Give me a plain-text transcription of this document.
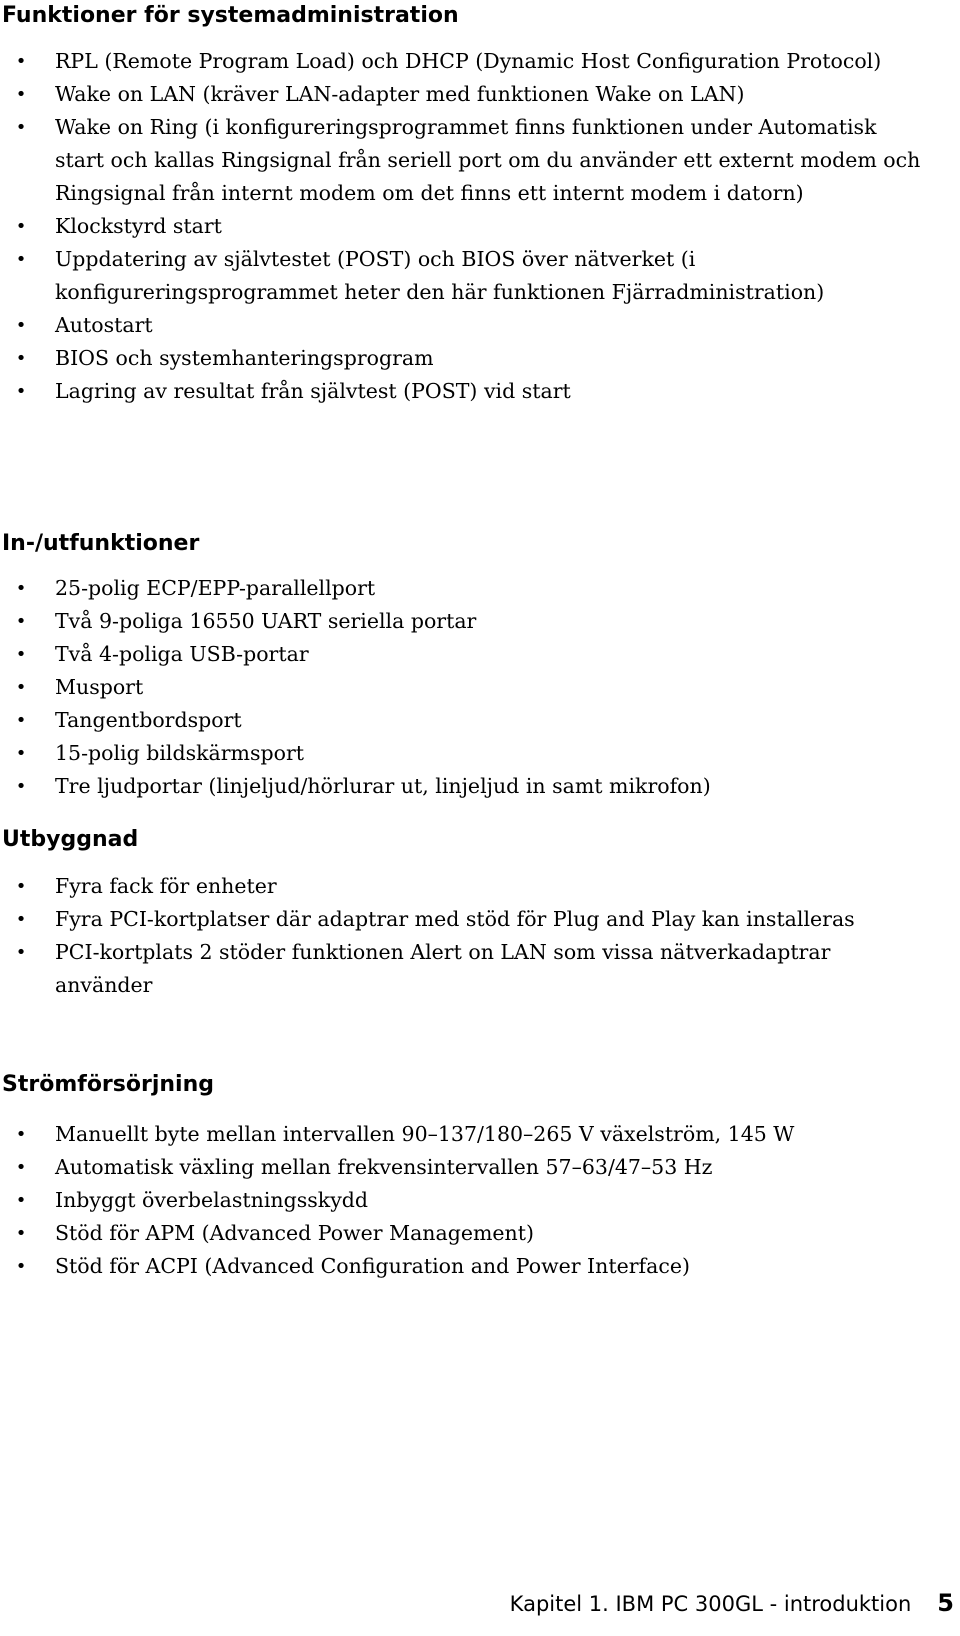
Funktioner för systemadministration
• RPL (Remote Program Load) och DHCP (Dynamic Host Configuration Protocol)
• Wake on LAN (kräver LAN-adapter med funktionen Wake on LAN)
• Wake on Ring (i konfigureringsprogrammet finns funktionen under Automatisk start och kallas Ringsignal från seriell port om du använder ett externt modem och Ringsignal från internt modem om det finns ett internt modem i datorn)
• Klockstyrd start
• Uppdatering av självtestet (POST) och BIOS över nätverket (i konfigureringsprogrammet heter den här funktionen Fjärradministration)
• Autostart
• BIOS och systemhanteringsprogram
• Lagring av resultat från självtest (POST) vid start
In-/utfunktioner
• 25-polig ECP/EPP-parallellport
• Två 9-poliga 16550 UART seriella portar
• Två 4-poliga USB-portar
• Musport
• Tangentbordsport
• 15-polig bildskärmsport
• Tre ljudportar (linjeljud/hörlurar ut, linjeljud in samt mikrofon)
Utbyggnad
• Fyra fack för enheter
• Fyra PCI-kortplatser där adaptrar med stöd för Plug and Play kan installeras
• PCI-kortplats 2 stöder funktionen Alert on LAN som vissa nätverkadaptrar använder
Strömförsörjning
• Manuellt byte mellan intervallen 90–137/180–265 V växelström, 145 W
• Automatisk växling mellan frekvensintervallen 57–63/47–53 Hz
• Inbyggt överbelastningsskydd
• Stöd för APM (Advanced Power Management)
• Stöd för ACPI (Advanced Configuration and Power Interface)
Kapitel 1. IBM PC 300GL - introduktion 5
